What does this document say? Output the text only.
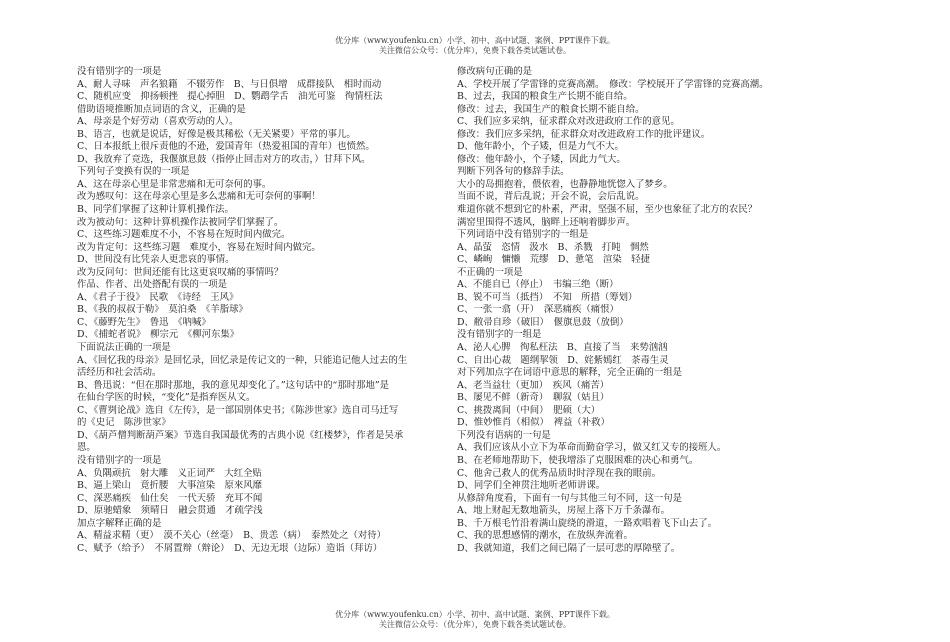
优分库（www.youfenku.cn）小学、初中、高中试题、案例、PPT课件下载。
关注微信公众号：（优分库），免费下载各类试题试卷。
没有错别字的一项是
A、耐人寻味　声名狼籍　不辍劳作　B、与日俱增　成群接队　相时而动
C、随机应变　抑扬顿挫　提心掉胆　D、鹦鹉学舌　油光可鉴　徇情枉法
借助语境推断加点词语的含义，正确的是
A、母亲是个好劳动（喜欢劳动的人）。
B、语言，也就是说话，好像是极其稀松（无关紧要）平常的事儿。
C、日本报纸上很斥责他的不逊，爱国青年（热爱祖国的青年）也愤然。
D、我放弃了竞选，我偃旗息鼓（指停止回击对方的攻击，）甘拜下风。
下列句子变换有误的一项是
A、这在母亲心里是非常悲痛和无可奈何的事。
改为感叹句：这在母亲心里是多么悲痛和无可奈何的事啊！
B、同学们掌握了这种计算机操作法。
改为被动句：这种计算机操作法被同学们掌握了。
C、这些练习题难度不小，不容易在短时间内做完。
改为肯定句：这些练习题　难度小，容易在短时间内做完。
D、世间没有比凭亲人更悲哀的事情。
改为反问句：世间还能有比这更哀叹痛的事情吗？
作品、作者、出处搭配有误的一项是
A、《君子于役》　民歌　《诗经　王风》
B、《我的叔叔于勒》　莫泊桑　《羊脂球》
C、《藤野先生》　鲁迅　《呐喊》
D、《捕蛇者说》　柳宗元　《柳河东集》
下面说法正确的一项是
A、《回忆我的母亲》是回忆录，回忆录是传记文的一种，只能追记他人过去的生
活经历和社会活动。
B、鲁迅说：“但在那时那地，我的意见却变化了。”这句话中的“那时那地”是
在仙台学医的时候，“变化”是指弃医从文。
C、《曹刿论战》选自《左传》，是一部国别体史书；《陈涉世家》选自司马迁写
的《史记　陈涉世家》
D、《葫芦僧判断葫芦案》节选自我国最优秀的古典小说《红楼梦》，作者是吴承
恩。
没有错别字的一项是
A、负隅顽抗　射大雕　义正词严　大红全贴
B、逼上梁山　竟折腰　大事渲染　原來风靡
C、深恶痛疾　仙仕矣　一代天骄　充耳不闻
D、原驰蜡象　须晴日　融会贯通　才疏学浅
加点字解释正确的是
A、精益求精（更）　漠不关心（丝毫）　B、贵恙（病）　泰然处之（对待）
C、赋予（给予）　不屑置辩（辩论）　D、无边无垠（边际）造诣（拜访）
修改病句正确的是
A、学校开展了学雷锋的竞赛高潮。　修改：学校展开了学雷锋的竞赛高潮。
B、过去，我国的粮食生产长期不能自给。
修改：过去，我国生产的粮食长期不能自给。
C、我们应多采纳，征求群众对改进政府工作的意见。
修改：我们应多采纳，征求群众对改进政府工作的批评建议。
D、他年龄小，个子矮，但是力气不大。
修改：他年龄小，个子矮，因此力气大。
判断下列各句的修辞手法。
大小的岛拥抱着，偎依着，也静静地恍惚入了梦乡。
当面不说，背后乱说；开会不说，会后乱说。
难道你就不想到它的朴素，严肃，坚强不屈，至少也象征了北方的农民？
满窑里围得不透风，脑畔上还响着脚步声。
下列词语中没有错别字的一组是
A、晶萤　恣情　汲水　B、杀戮　打盹　惆然
C、嶙峋　慵懒　荒缪　D、惫笔　渲染　轻捷
不正确的一项是
A、不能自已（停止）　韦编三绝（断）
B、锐不可当（抵挡）　不知　所措（筹划）
C、一张一翕（开）　深恶痛疾（痛恨）
D、敝帚自珍（破旧）　偃旗息鼓（放倒）
没有错别字的一组是
A、泌人心脾　徇私枉法　B、直接了当　来势汹汹
C、自出心裁　题纲挈领　D、姹紫嫣红　茶毒生灵
对下列加点字在词语中意思的解释，完全正确的一组是
A、老当益壮（更加）　疾风（痛苦）
B、屡见不鲜（新奇）　聊叙（姑且）
C、挑拨离间（中间）　肥硕（大）
D、惟妙惟肖（相似）　裨益（补救）
下列没有语病的一句是
A、我们应该从小立下为革命而勤奋学习，做又红又专的接班人。
B、在老师地帮助下，使我增添了克服困难的决心和勇气。
C、他舍己救人的优秀品质时时浮现在我的眼前。
D、同学们全神贯注地听老师讲课。
从修辞角度看，下面有一句与其他三句不同，这一句是
A、地上财起无数地箭头，房屋上落下万千条瀑布。
B、千万根毛竹沿着满山旋绕的滑道，一路欢唱着飞下山去了。
C、我的思想感情的潮水，在放纵奔流着。
D、我就知道，我们之间已隔了一层可悲的厚障壁了。
优分库（www.youfenku.cn）小学、初中、高中试题、案例、PPT课件下载。
关注微信公众号：（优分库），免费下载各类试题试卷。
